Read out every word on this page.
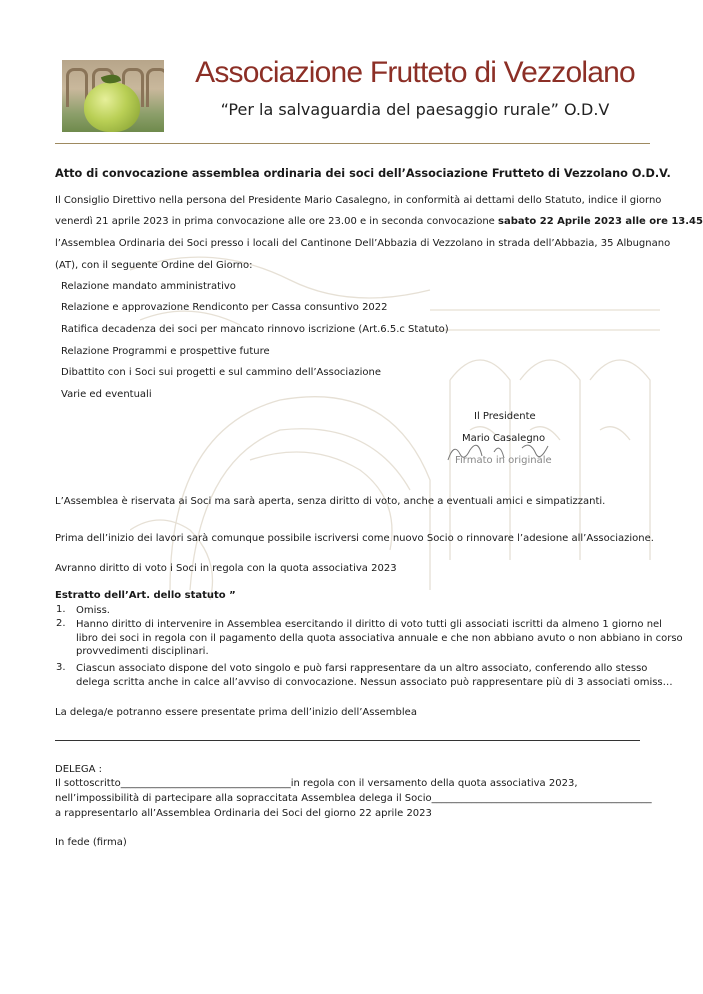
Associazione Frutteto di Vezzolano
“Per la salvaguardia del paesaggio rurale” O.D.V
Atto di convocazione assemblea ordinaria dei soci dell’Associazione Frutteto di Vezzolano O.D.V.
Il Consiglio Direttivo nella persona del Presidente Mario Casalegno, in conformità ai dettami dello Statuto, indice il giorno
venerdì 21 aprile 2023 in prima convocazione alle ore 23.00 e in seconda convocazione sabato 22 Aprile 2023 alle ore 13.45
l’Assemblea Ordinaria dei Soci presso i locali del Cantinone Dell’Abbazia di Vezzolano in strada dell’Abbazia, 35 Albugnano
(AT), con il seguente Ordine del Giorno:
Relazione mandato amministrativo
Relazione e approvazione Rendiconto per Cassa consuntivo 2022
Ratifica decadenza dei soci per mancato rinnovo iscrizione (Art.6.5.c Statuto)
Relazione Programmi e prospettive future
Dibattito con i Soci sui progetti e sul cammino dell’Associazione
Varie ed eventuali
Il Presidente
Mario Casalegno
Firmato in originale
L’Assemblea è riservata ai Soci ma sarà aperta, senza diritto di voto, anche a eventuali amici e simpatizzanti.
Prima dell’inizio dei lavori sarà comunque possibile iscriversi come nuovo Socio o rinnovare l’adesione all’Associazione.
Avranno diritto di voto i Soci in regola con la quota associativa 2023
Estratto dell’Art. dello statuto ”
1. Omiss.
2. Hanno diritto di intervenire in Assemblea esercitando il diritto di voto tutti gli associati iscritti da almeno 1 giorno nel
libro dei soci in regola con il pagamento della quota associativa annuale e che non abbiano avuto o non abbiano in corso
provvedimenti disciplinari.
3. Ciascun associato dispone del voto singolo e può farsi rappresentare da un altro associato, conferendo allo stesso
delega scritta anche in calce all’avviso di convocazione. Nessun associato può rappresentare più di 3 associati omiss…
La delega/e potranno essere presentate prima dell’inizio dell’Assemblea
DELEGA :
Il sottoscritto__________________________________in regola con il versamento della quota associativa 2023,
nell’impossibilità di partecipare alla sopraccitata Assemblea delega il Socio____________________________________________
a rappresentarlo all’Assemblea Ordinaria dei Soci del giorno 22 aprile 2023
In fede (firma)
